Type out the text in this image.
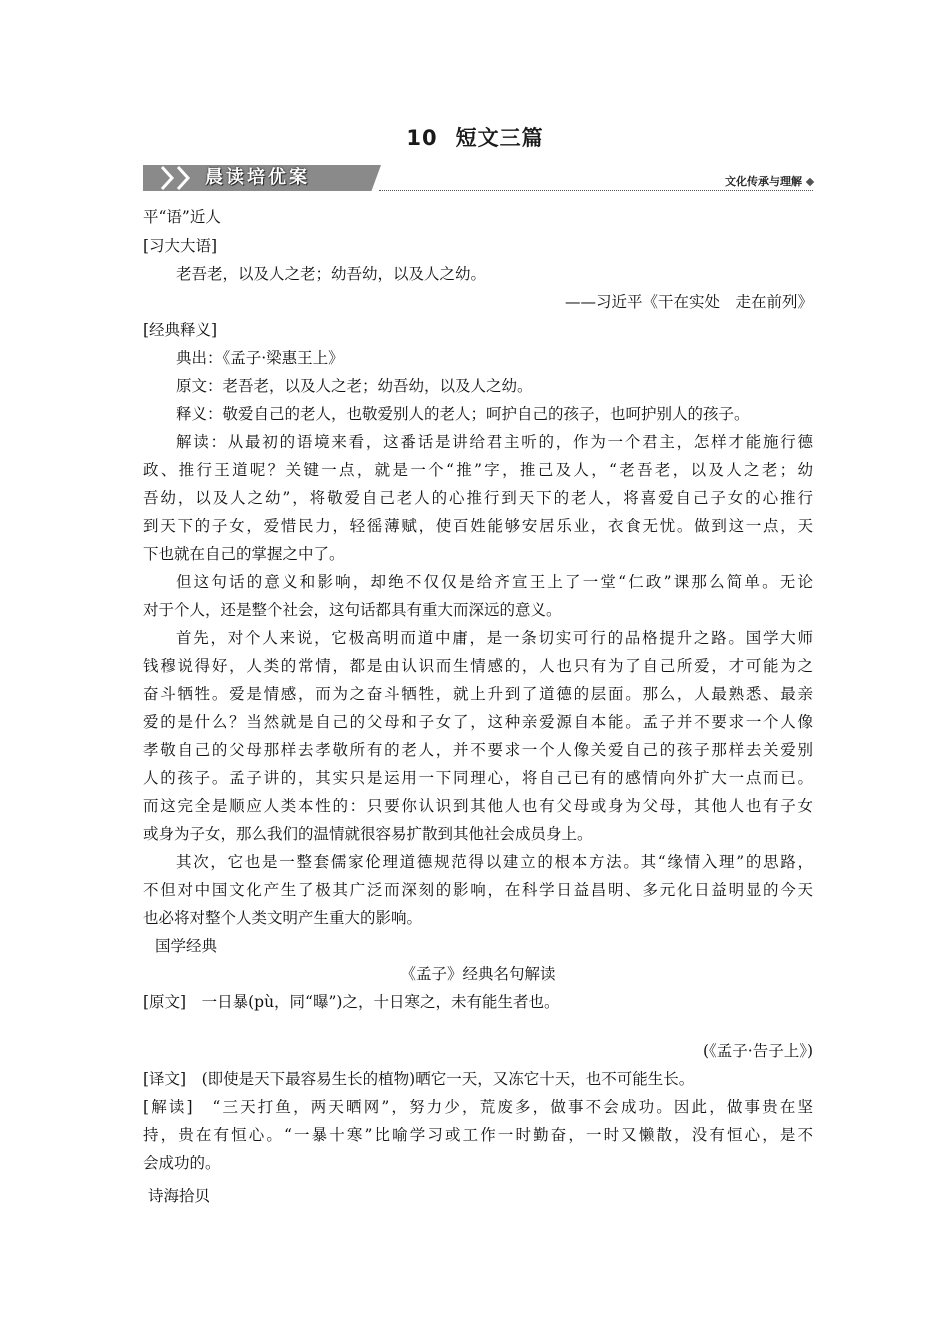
10 短文三篇
晨读培优案	文化传承与理解
平“语”近人
[习大大语]
老吾老，以及人之老；幼吾幼，以及人之幼。
——习近平《干在实处　走在前列》
[经典释义]
典出：《孟子·梁惠王上》
原文：老吾老，以及人之老；幼吾幼，以及人之幼。
释义：敬爱自己的老人，也敬爱别人的老人；呵护自己的孩子，也呵护别人的孩子。
解读：从最初的语境来看，这番话是讲给君主听的，作为一个君主，怎样才能施行德
政、推行王道呢？关键一点，就是一个“推”字，推己及人，“老吾老，以及人之老；幼
吾幼，以及人之幼”，将敬爱自己老人的心推行到天下的老人，将喜爱自己子女的心推行
到天下的子女，爱惜民力，轻徭薄赋，使百姓能够安居乐业，衣食无忧。做到这一点，天
下也就在自己的掌握之中了。
但这句话的意义和影响，却绝不仅仅是给齐宣王上了一堂“仁政”课那么简单。无论
对于个人，还是整个社会，这句话都具有重大而深远的意义。
首先，对个人来说，它极高明而道中庸，是一条切实可行的品格提升之路。国学大师
钱穆说得好，人类的常情，都是由认识而生情感的，人也只有为了自己所爱，才可能为之
奋斗牺牲。爱是情感，而为之奋斗牺牲，就上升到了道德的层面。那么，人最熟悉、最亲
爱的是什么？当然就是自己的父母和子女了，这种亲爱源自本能。孟子并不要求一个人像
孝敬自己的父母那样去孝敬所有的老人，并不要求一个人像关爱自己的孩子那样去关爱别
人的孩子。孟子讲的，其实只是运用一下同理心，将自己已有的感情向外扩大一点而已。
而这完全是顺应人类本性的：只要你认识到其他人也有父母或身为父母，其他人也有子女
或身为子女，那么我们的温情就很容易扩散到其他社会成员身上。
其次，它也是一整套儒家伦理道德规范得以建立的根本方法。其“缘情入理”的思路，
不但对中国文化产生了极其广泛而深刻的影响，在科学日益昌明、多元化日益明显的今天
也必将对整个人类文明产生重大的影响。
国学经典
《孟子》经典名句解读
[原文]　一日暴(pù，同“曝”)之，十日寒之，未有能生者也。
(《孟子·告子上》)
[译文]　(即使是天下最容易生长的植物)晒它一天，又冻它十天，也不可能生长。
[解读]　“三天打鱼，两天晒网”，努力少，荒废多，做事不会成功。因此，做事贵在坚
持，贵在有恒心。“一暴十寒”比喻学习或工作一时勤奋，一时又懒散，没有恒心，是不
会成功的。
诗海拾贝
